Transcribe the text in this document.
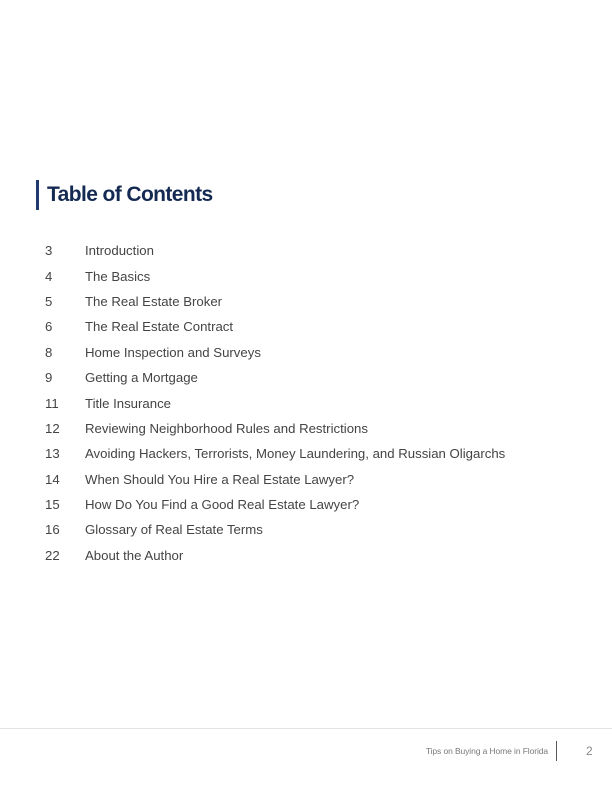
Table of Contents
3	Introduction
4	The Basics
5	The Real Estate Broker
6	The Real Estate Contract
8	Home Inspection and Surveys
9	Getting a Mortgage
11	Title Insurance
12	Reviewing Neighborhood Rules and Restrictions
13	Avoiding Hackers, Terrorists, Money Laundering, and Russian Oligarchs
14	When Should You Hire a Real Estate Lawyer?
15	How Do You Find a Good Real Estate Lawyer?
16	Glossary of Real Estate Terms
22	About the Author
Tips on Buying a Home in Florida	2
